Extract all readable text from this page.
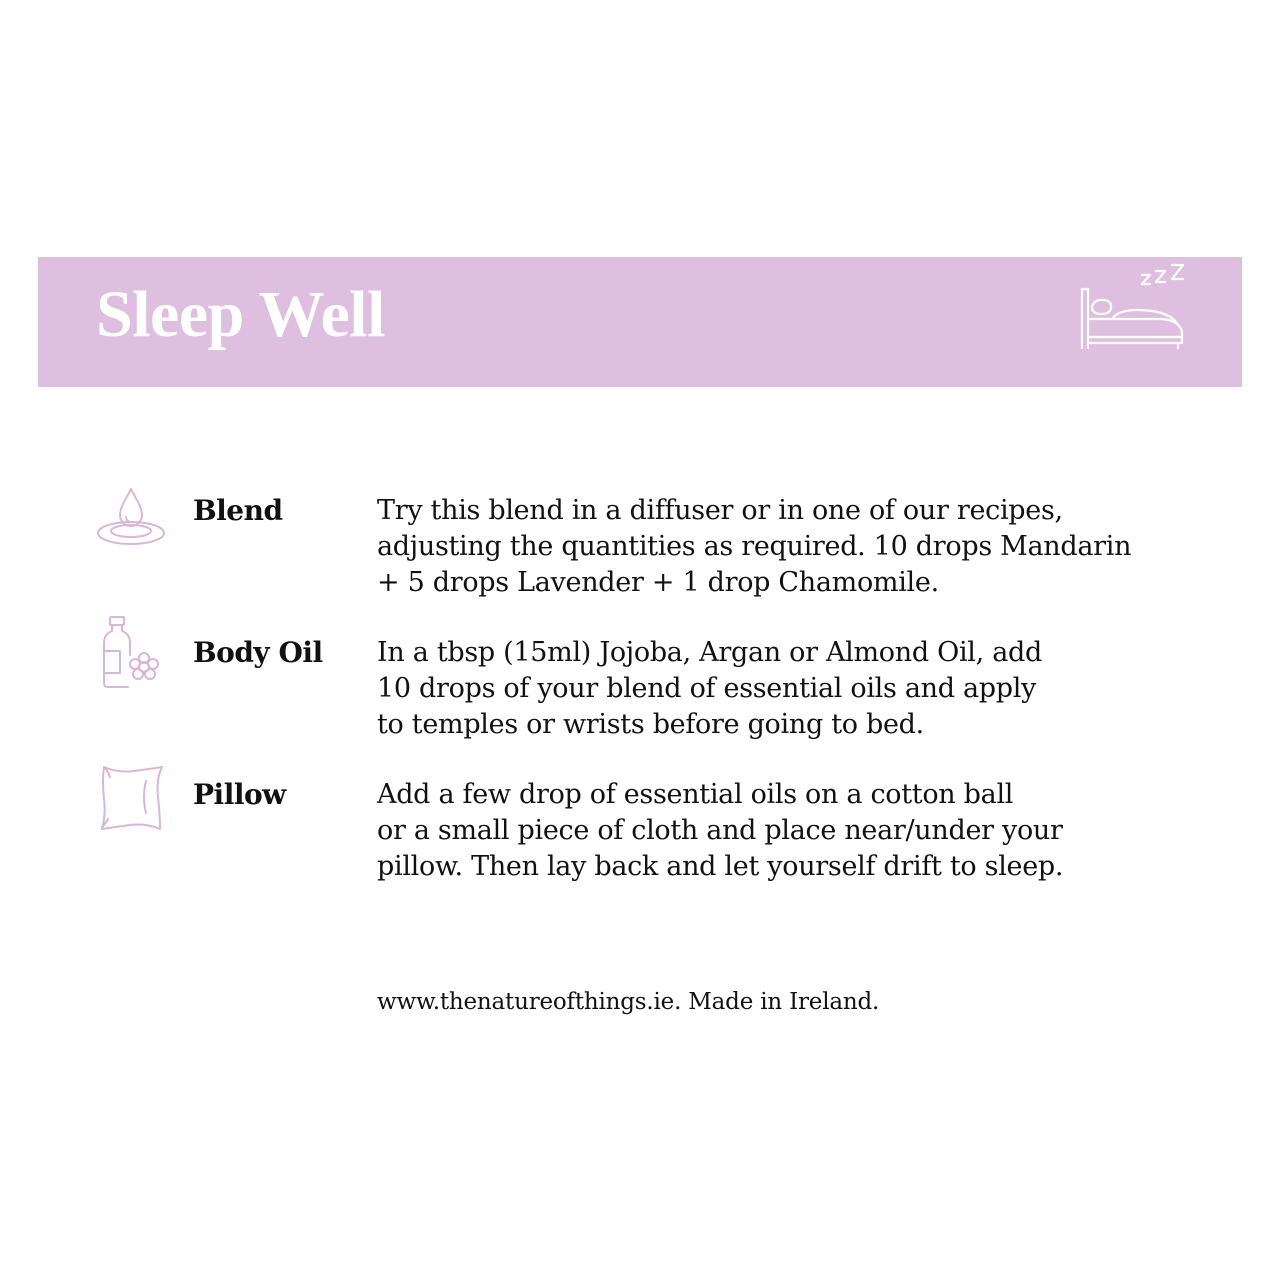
Sleep Well

Blend	Try this blend in a diffuser or in one of our recipes,
adjusting the quantities as required. 10 drops Mandarin
+ 5 drops Lavender + 1 drop Chamomile.

Body Oil In a tbsp (15ml) Jojoba, Argan or Almond Oil, add
10 drops of your blend of essential oils and apply
to temples or wrists before going to bed.

Pillow	Add a few drop of essential oils on a cotton ball
or a small piece of cloth and place near/under your
pillow. Then lay back and let yourself drift to sleep.

www.thenatureofthings.ie. Made in Ireland.
